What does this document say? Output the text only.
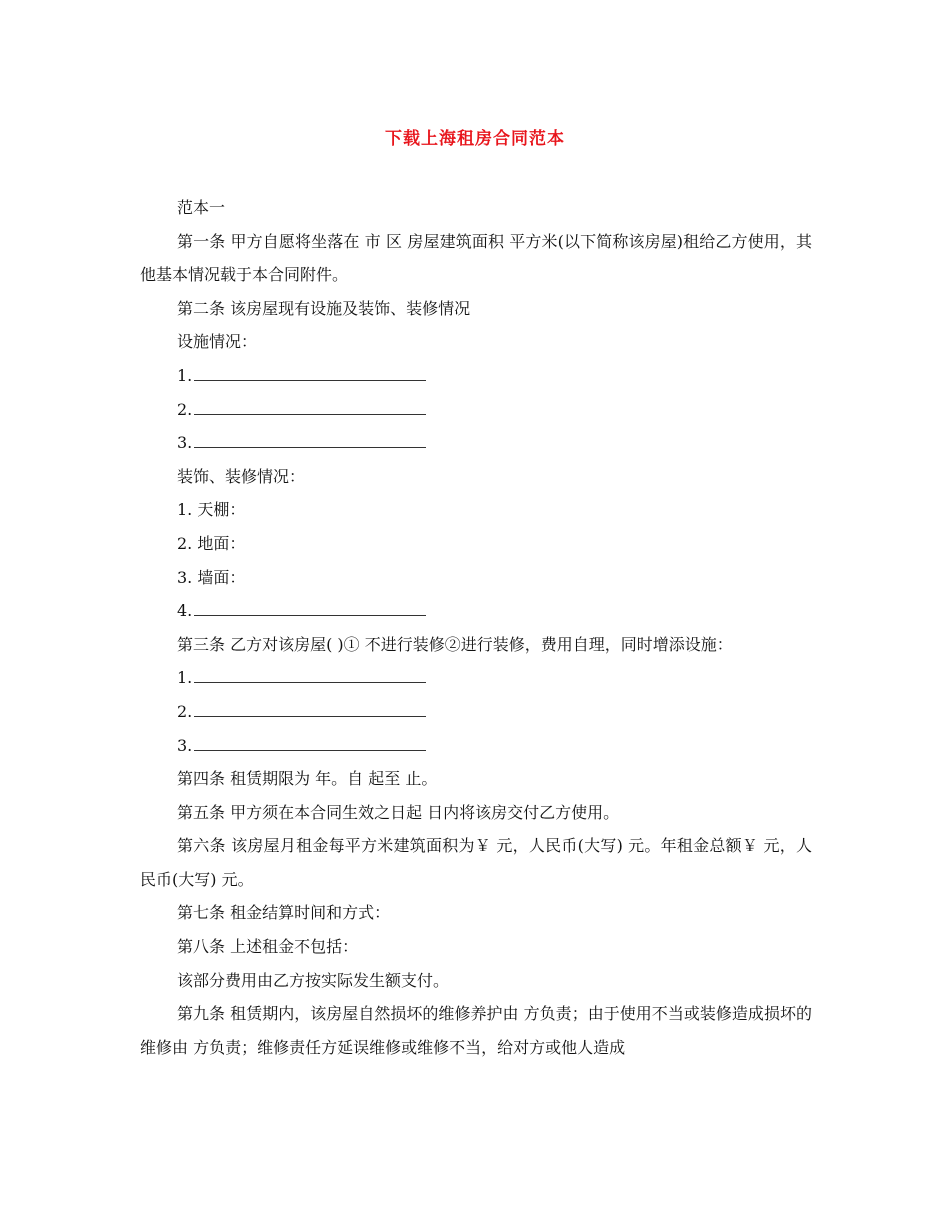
下载上海租房合同范本

范本一

第一条 甲方自愿将坐落在 市 区 房屋建筑面积 平方米(以下简称该房屋)租给乙方使用，其他基本情况载于本合同附件。

第二条 该房屋现有设施及装饰、装修情况

设施情况：

1.

2.

3.

装饰、装修情况：

1. 天棚：

2. 地面：

3. 墙面：

4.

第三条 乙方对该房屋( )① 不进行装修②进行装修，费用自理，同时增添设施：

1.

2.

3.

第四条 租赁期限为 年。自 起至 止。

第五条 甲方须在本合同生效之日起 日内将该房交付乙方使用。

第六条 该房屋月租金每平方米建筑面积为￥ 元，人民币(大写) 元。年租金总额￥ 元，人民币(大写) 元。

第七条 租金结算时间和方式：

第八条 上述租金不包括：

该部分费用由乙方按实际发生额支付。

第九条 租赁期内，该房屋自然损坏的维修养护由 方负责；由于使用不当或装修造成损坏的维修由 方负责；维修责任方延误维修或维修不当，给对方或他人造成
